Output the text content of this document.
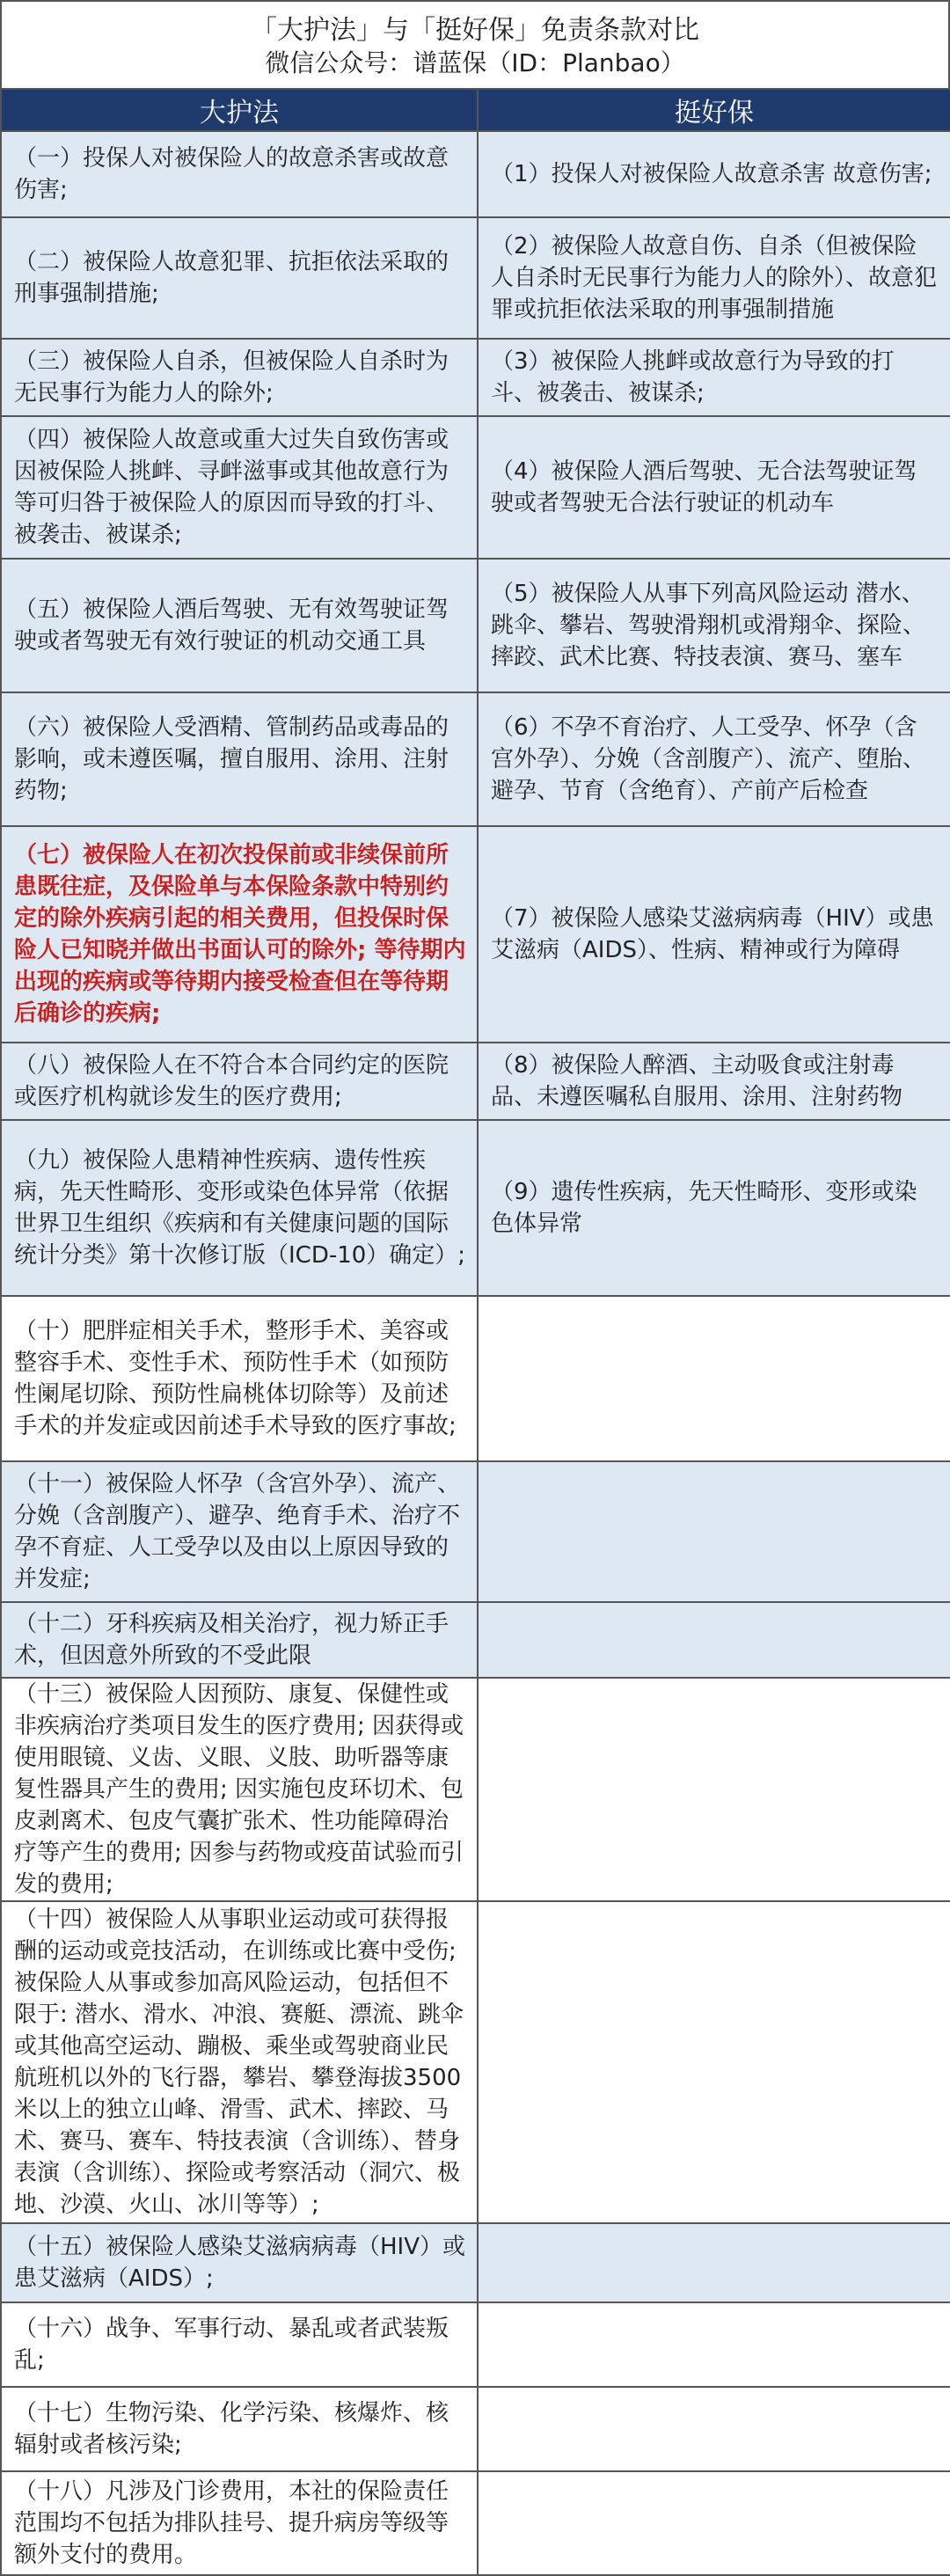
「大护法」与「挺好保」免责条款对比
微信公众号：谱蓝保（ID：Planbao）
大护法	挺好保
（一）投保人对被保险人的故意杀害或故意伤害;	（1）投保人对被保险人故意杀害 故意伤害;
（二）被保险人故意犯罪、抗拒依法采取的刑事强制措施;	（2）被保险人故意自伤、自杀（但被保险人自杀时无民事行为能力人的除外）、故意犯罪或抗拒依法采取的刑事强制措施
（三）被保险人自杀，但被保险人自杀时为无民事行为能力人的除外;	（3）被保险人挑衅或故意行为导致的打斗、被袭击、被谋杀;
（四）被保险人故意或重大过失自致伤害或因被保险人挑衅、寻衅滋事或其他故意行为等可归咎于被保险人的原因而导致的打斗、被袭击、被谋杀;	（4）被保险人酒后驾驶、无合法驾驶证驾驶或者驾驶无合法行驶证的机动车
（五）被保险人酒后驾驶、无有效驾驶证驾驶或者驾驶无有效行驶证的机动交通工具	（5）被保险人从事下列高风险运动 潜水、跳伞、攀岩、驾驶滑翔机或滑翔伞、探险、摔跤、武术比赛、特技表演、赛马、塞车
（六）被保险人受酒精、管制药品或毒品的影响，或未遵医嘱，擅自服用、涂用、注射药物;	（6）不孕不育治疗、人工受孕、怀孕（含宫外孕）、分娩（含剖腹产）、流产、堕胎、避孕、节育（含绝育）、产前产后检查
（七）被保险人在初次投保前或非续保前所患既往症，及保险单与本保险条款中特别约定的除外疾病引起的相关费用，但投保时保险人已知晓并做出书面认可的除外; 等待期内出现的疾病或等待期内接受检查但在等待期后确诊的疾病;	（7）被保险人感染艾滋病病毒（HIV）或患艾滋病（AIDS）、性病、精神或行为障碍
（八）被保险人在不符合本合同约定的医院或医疗机构就诊发生的医疗费用;	（8）被保险人醉酒、主动吸食或注射毒品、未遵医嘱私自服用、涂用、注射药物
（九）被保险人患精神性疾病、遗传性疾病，先天性畸形、变形或染色体异常（依据世界卫生组织《疾病和有关健康问题的国际统计分类》第十次修订版（ICD-10）确定）;	（9）遗传性疾病，先天性畸形、变形或染色体异常
（十）肥胖症相关手术，整形手术、美容或整容手术、变性手术、预防性手术（如预防性阑尾切除、预防性扁桃体切除等）及前述手术的并发症或因前述手术导致的医疗事故;	
（十一）被保险人怀孕（含宫外孕）、流产、分娩（含剖腹产）、避孕、绝育手术、治疗不孕不育症、人工受孕以及由以上原因导致的并发症;	
（十二）牙科疾病及相关治疗，视力矫正手术，但因意外所致的不受此限	
（十三）被保险人因预防、康复、保健性或非疾病治疗类项目发生的医疗费用; 因获得或使用眼镜、义齿、义眼、义肢、助听器等康复性器具产生的费用; 因实施包皮环切术、包皮剥离术、包皮气囊扩张术、性功能障碍治疗等产生的费用; 因参与药物或疫苗试验而引发的费用;	
（十四）被保险人从事职业运动或可获得报酬的运动或竞技活动，在训练或比赛中受伤; 被保险人从事或参加高风险运动，包括但不限于: 潜水、滑水、冲浪、赛艇、漂流、跳伞或其他高空运动、蹦极、乘坐或驾驶商业民航班机以外的飞行器，攀岩、攀登海拔3500米以上的独立山峰、滑雪、武术、摔跤、马术、赛马、赛车、特技表演（含训练）、替身表演（含训练）、探险或考察活动（洞穴、极地、沙漠、火山、冰川等等）;	
（十五）被保险人感染艾滋病病毒（HIV）或患艾滋病（AIDS）;	
（十六）战争、军事行动、暴乱或者武装叛乱;	
（十七）生物污染、化学污染、核爆炸、核辐射或者核污染;	
（十八）凡涉及门诊费用，本社的保险责任范围均不包括为排队挂号、提升病房等级等额外支付的费用。	
